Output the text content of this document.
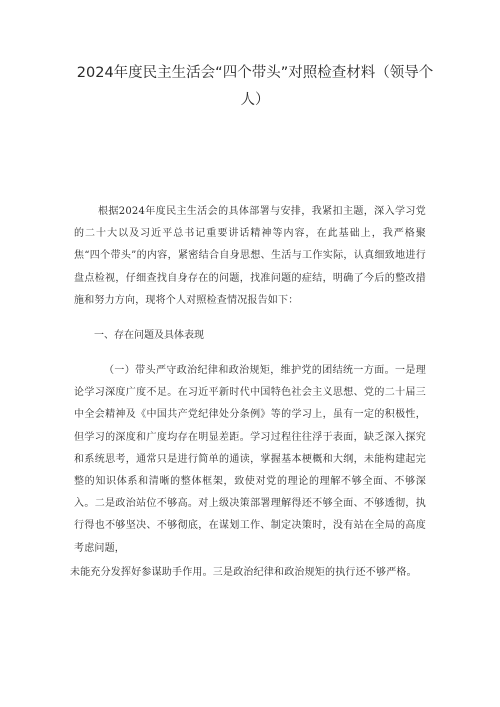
2024年度民主生活会“四个带头”对照检查材料（领导个人）

根据2024年度民主生活会的具体部署与安排，我紧扣主题，深入学习党的二十大以及习近平总书记重要讲话精神等内容，在此基础上，我严格聚焦“四个带头”的内容，紧密结合自身思想、生活与工作实际，认真细致地进行盘点检视，仔细查找自身存在的问题，找准问题的症结，明确了今后的整改措施和努力方向，现将个人对照检查情况报告如下：

一、存在问题及具体表现

（一）带头严守政治纪律和政治规矩，维护党的团结统一方面。一是理论学习深度广度不足。在习近平新时代中国特色社会主义思想、党的二十届三中全会精神及《中国共产党纪律处分条例》等的学习上，虽有一定的积极性，但学习的深度和广度均存在明显差距。学习过程往往浮于表面，缺乏深入探究和系统思考，通常只是进行简单的通读，掌握基本梗概和大纲，未能构建起完整的知识体系和清晰的整体框架，致使对党的理论的理解不够全面、不够深入。二是政治站位不够高。对上级决策部署理解得还不够全面、不够透彻，执行得也不够坚决、不够彻底，在谋划工作、制定决策时，没有站在全局的高度考虑问题，

未能充分发挥好参谋助手作用。三是政治纪律和政治规矩的执行还不够严格。
